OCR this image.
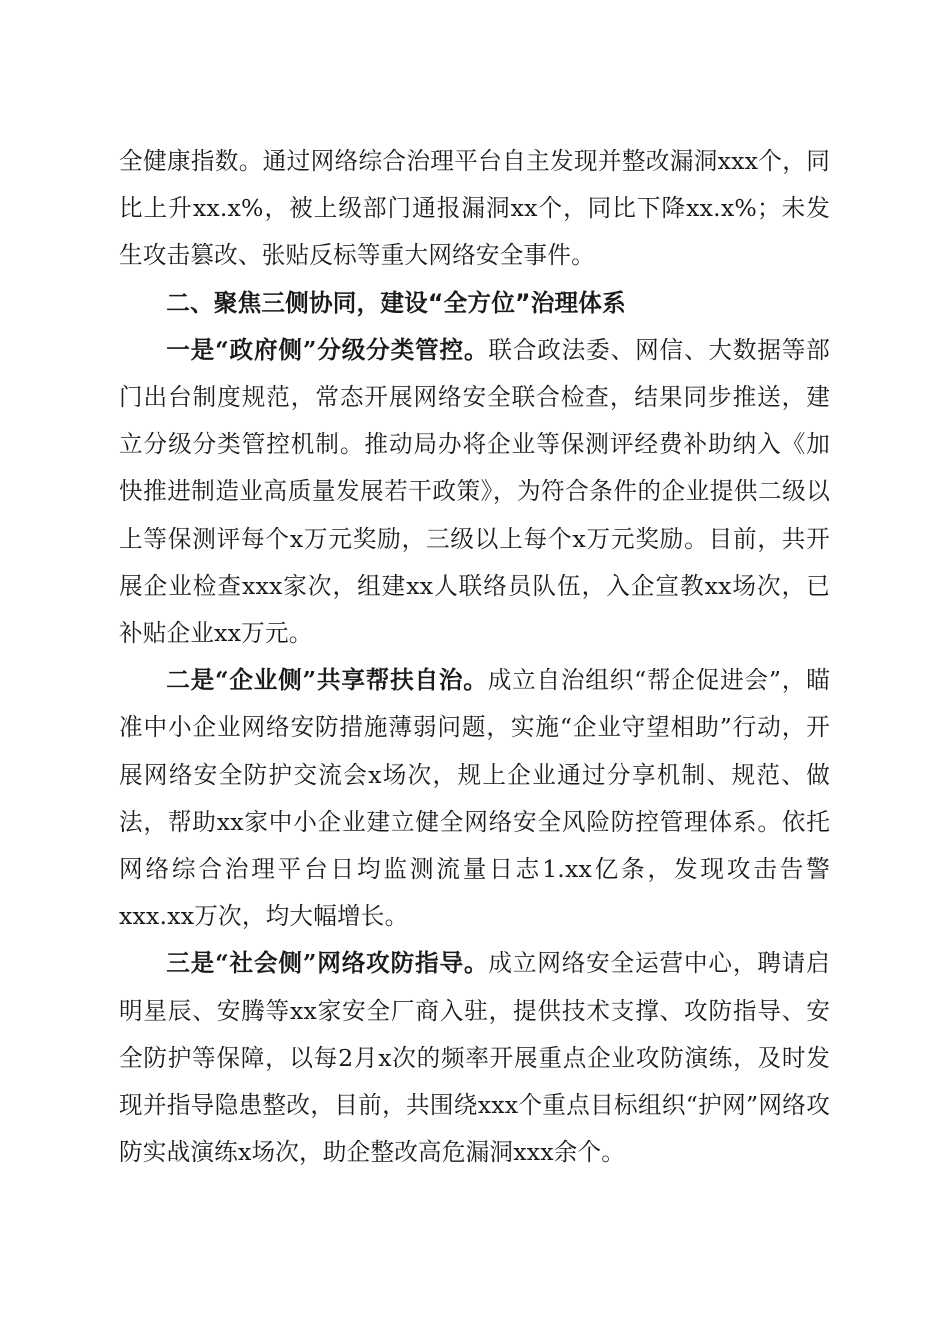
全健康指数。通过网络综合治理平台自主发现并整改漏洞xxx个，同比上升xx.x%，被上级部门通报漏洞xx个，同比下降xx.x%；未发生攻击篡改、张贴反标等重大网络安全事件。

二、聚焦三侧协同，建设“全方位”治理体系

一是“政府侧”分级分类管控。联合政法委、网信、大数据等部门出台制度规范，常态开展网络安全联合检查，结果同步推送，建立分级分类管控机制。推动局办将企业等保测评经费补助纳入《加快推进制造业高质量发展若干政策》，为符合条件的企业提供二级以上等保测评每个x万元奖励，三级以上每个x万元奖励。目前，共开展企业检查xxx家次，组建xx人联络员队伍，入企宣教xx场次，已补贴企业xx万元。

二是“企业侧”共享帮扶自治。成立自治组织“帮企促进会”，瞄准中小企业网络安防措施薄弱问题，实施“企业守望相助”行动，开展网络安全防护交流会x场次，规上企业通过分享机制、规范、做法，帮助xx家中小企业建立健全网络安全风险防控管理体系。依托网络综合治理平台日均监测流量日志1.xx亿条，发现攻击告警xxx.xx万次，均大幅增长。

三是“社会侧”网络攻防指导。成立网络安全运营中心，聘请启明星辰、安腾等xx家安全厂商入驻，提供技术支撑、攻防指导、安全防护等保障，以每2月x次的频率开展重点企业攻防演练，及时发现并指导隐患整改，目前，共围绕xxx个重点目标组织“护网”网络攻防实战演练x场次，助企整改高危漏洞xxx余个。
